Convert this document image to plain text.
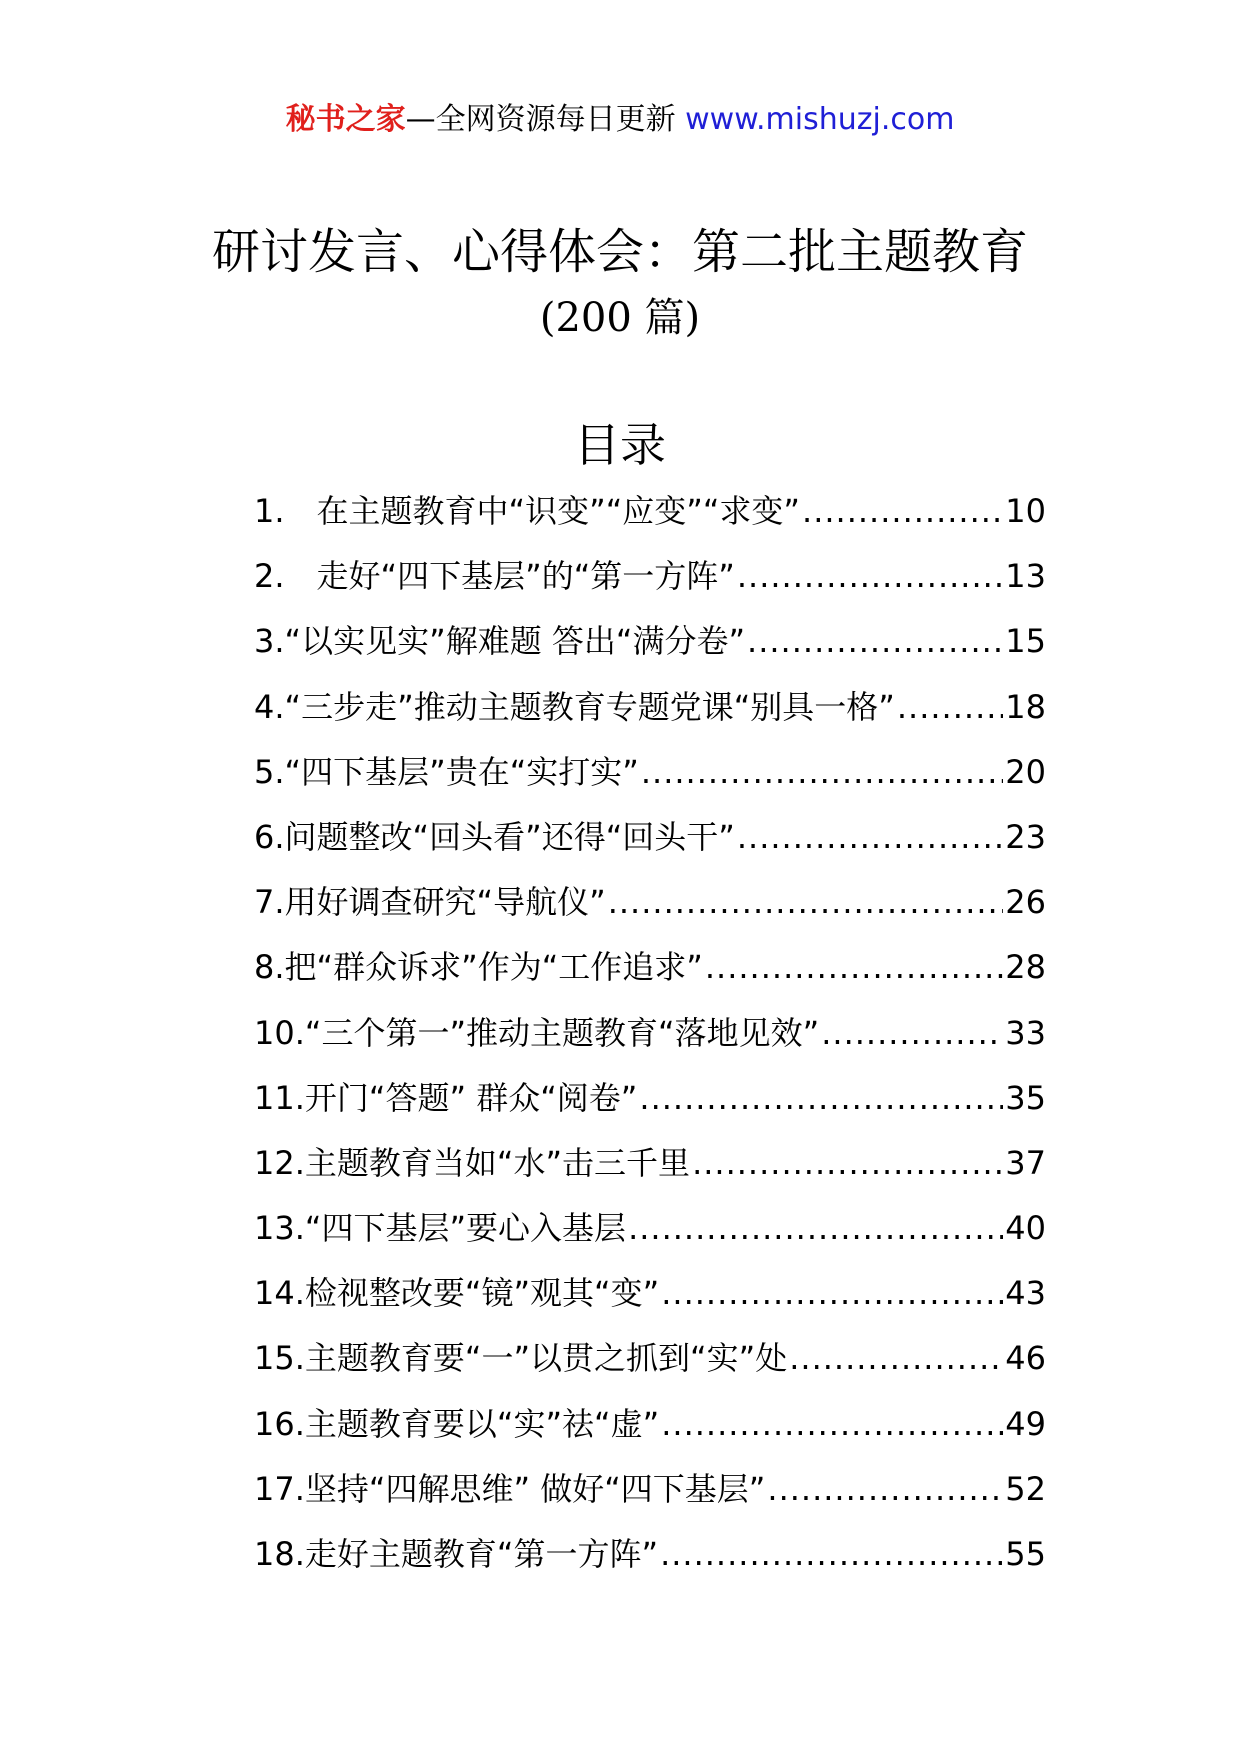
秘书之家—全网资源每日更新 www.mishuzj.com
研讨发言、心得体会：第二批主题教育
(200 篇)
目录
1.　在主题教育中“识变”“应变”“求变” .....	10
2.　走好“四下基层”的“第一方阵” .....	13
3.“以实见实”解难题 答出“满分卷” .....	15
4.“三步走”推动主题教育专题党课“别具一格” .....	18
5.“四下基层”贵在“实打实” .....	20
6.问题整改“回头看”还得“回头干” .....	23
7.用好调查研究“导航仪” .....	26
8.把“群众诉求”作为“工作追求” .....	28
10.“三个第一”推动主题教育“落地见效” .....	33
11.开门“答题” 群众“阅卷” .....	35
12.主题教育当如“水”击三千里 .....	37
13.“四下基层”要心入基层 .....	40
14.检视整改要“镜”观其“变” .....	43
15.主题教育要“一”以贯之抓到“实”处 .....	46
16.主题教育要以“实”祛“虚” .....	49
17.坚持“四解思维” 做好“四下基层” .....	52
18.走好主题教育“第一方阵” .....	55
